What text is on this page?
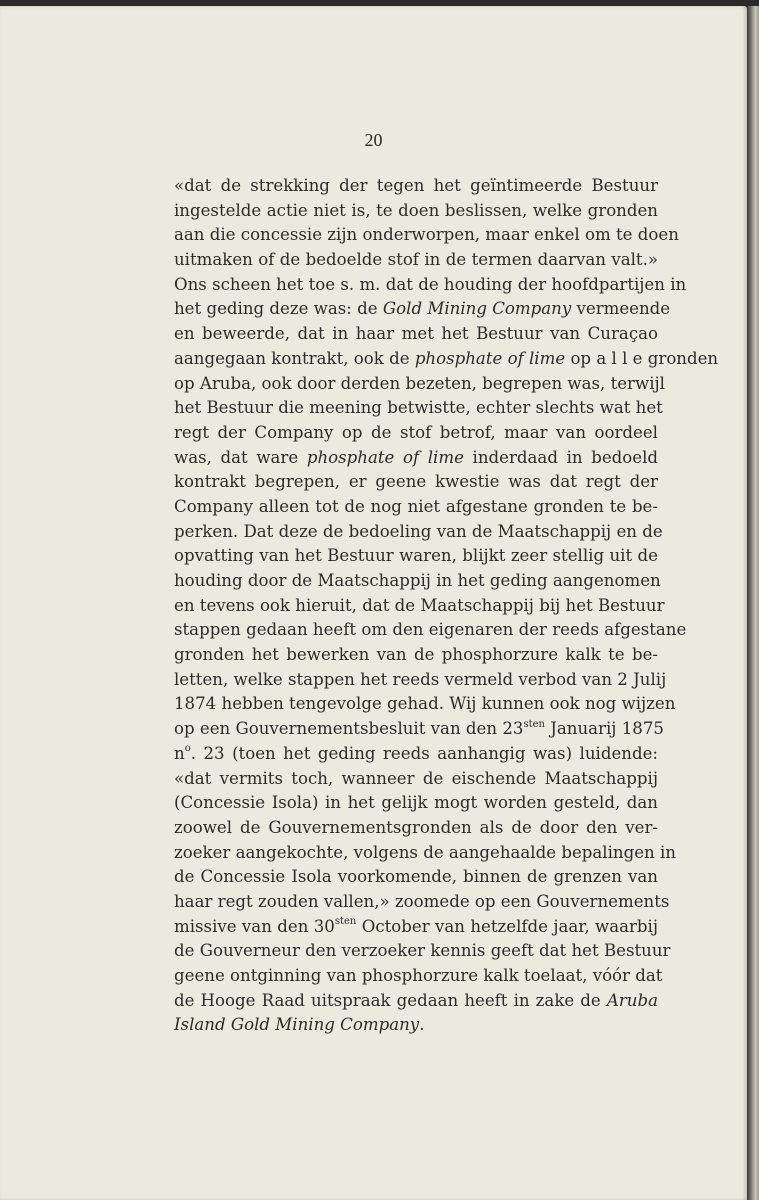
20
«dat de strekking der tegen het geïntimeerde Bestuur
ingestelde actie niet is, te doen beslissen, welke gronden
aan die concessie zijn onderworpen, maar enkel om te doen
uitmaken of de bedoelde stof in de termen daarvan valt.»
Ons scheen het toe s. m. dat de houding der hoofdpartijen in
het geding deze was: de Gold Mining Company vermeende
en beweerde, dat in haar met het Bestuur van Curaçao
aangegaan kontrakt, ook de phosphate of lime op a l l e gronden
op Aruba, ook door derden bezeten, begrepen was, terwijl
het Bestuur die meening betwistte, echter slechts wat het
regt der Company op de stof betrof, maar van oordeel
was, dat ware phosphate of lime inderdaad in bedoeld
kontrakt begrepen, er geene kwestie was dat regt der
Company alleen tot de nog niet afgestane gronden te be-
perken. Dat deze de bedoeling van de Maatschappij en de
opvatting van het Bestuur waren, blijkt zeer stellig uit de
houding door de Maatschappij in het geding aangenomen
en tevens ook hieruit, dat de Maatschappij bij het Bestuur
stappen gedaan heeft om den eigenaren der reeds afgestane
gronden het bewerken van de phosphorzure kalk te be-
letten, welke stappen het reeds vermeld verbod van 2 Julij
1874 hebben tengevolge gehad. Wij kunnen ook nog wijzen
op een Gouvernementsbesluit van den $23^{sten}$ Januarij 1875
$n^o$. 23 (toen het geding reeds aanhangig was) luidende:
«dat vermits toch, wanneer de eischende Maatschappij
(Concessie Isola) in het gelijk mogt worden gesteld, dan
zoowel de Gouvernementsgronden als de door den ver-
zoeker aangekochte, volgens de aangehaalde bepalingen in
de Concessie Isola voorkomende, binnen de grenzen van
haar regt zouden vallen,» zoomede op een Gouvernements
missive van den $30^{sten}$ October van hetzelfde jaar, waarbij
de Gouverneur den verzoeker kennis geeft dat het Bestuur
geene ontginning van phosphorzure kalk toelaat, vóór dat
de Hooge Raad uitspraak gedaan heeft in zake de Aruba
Island Gold Mining Company.
